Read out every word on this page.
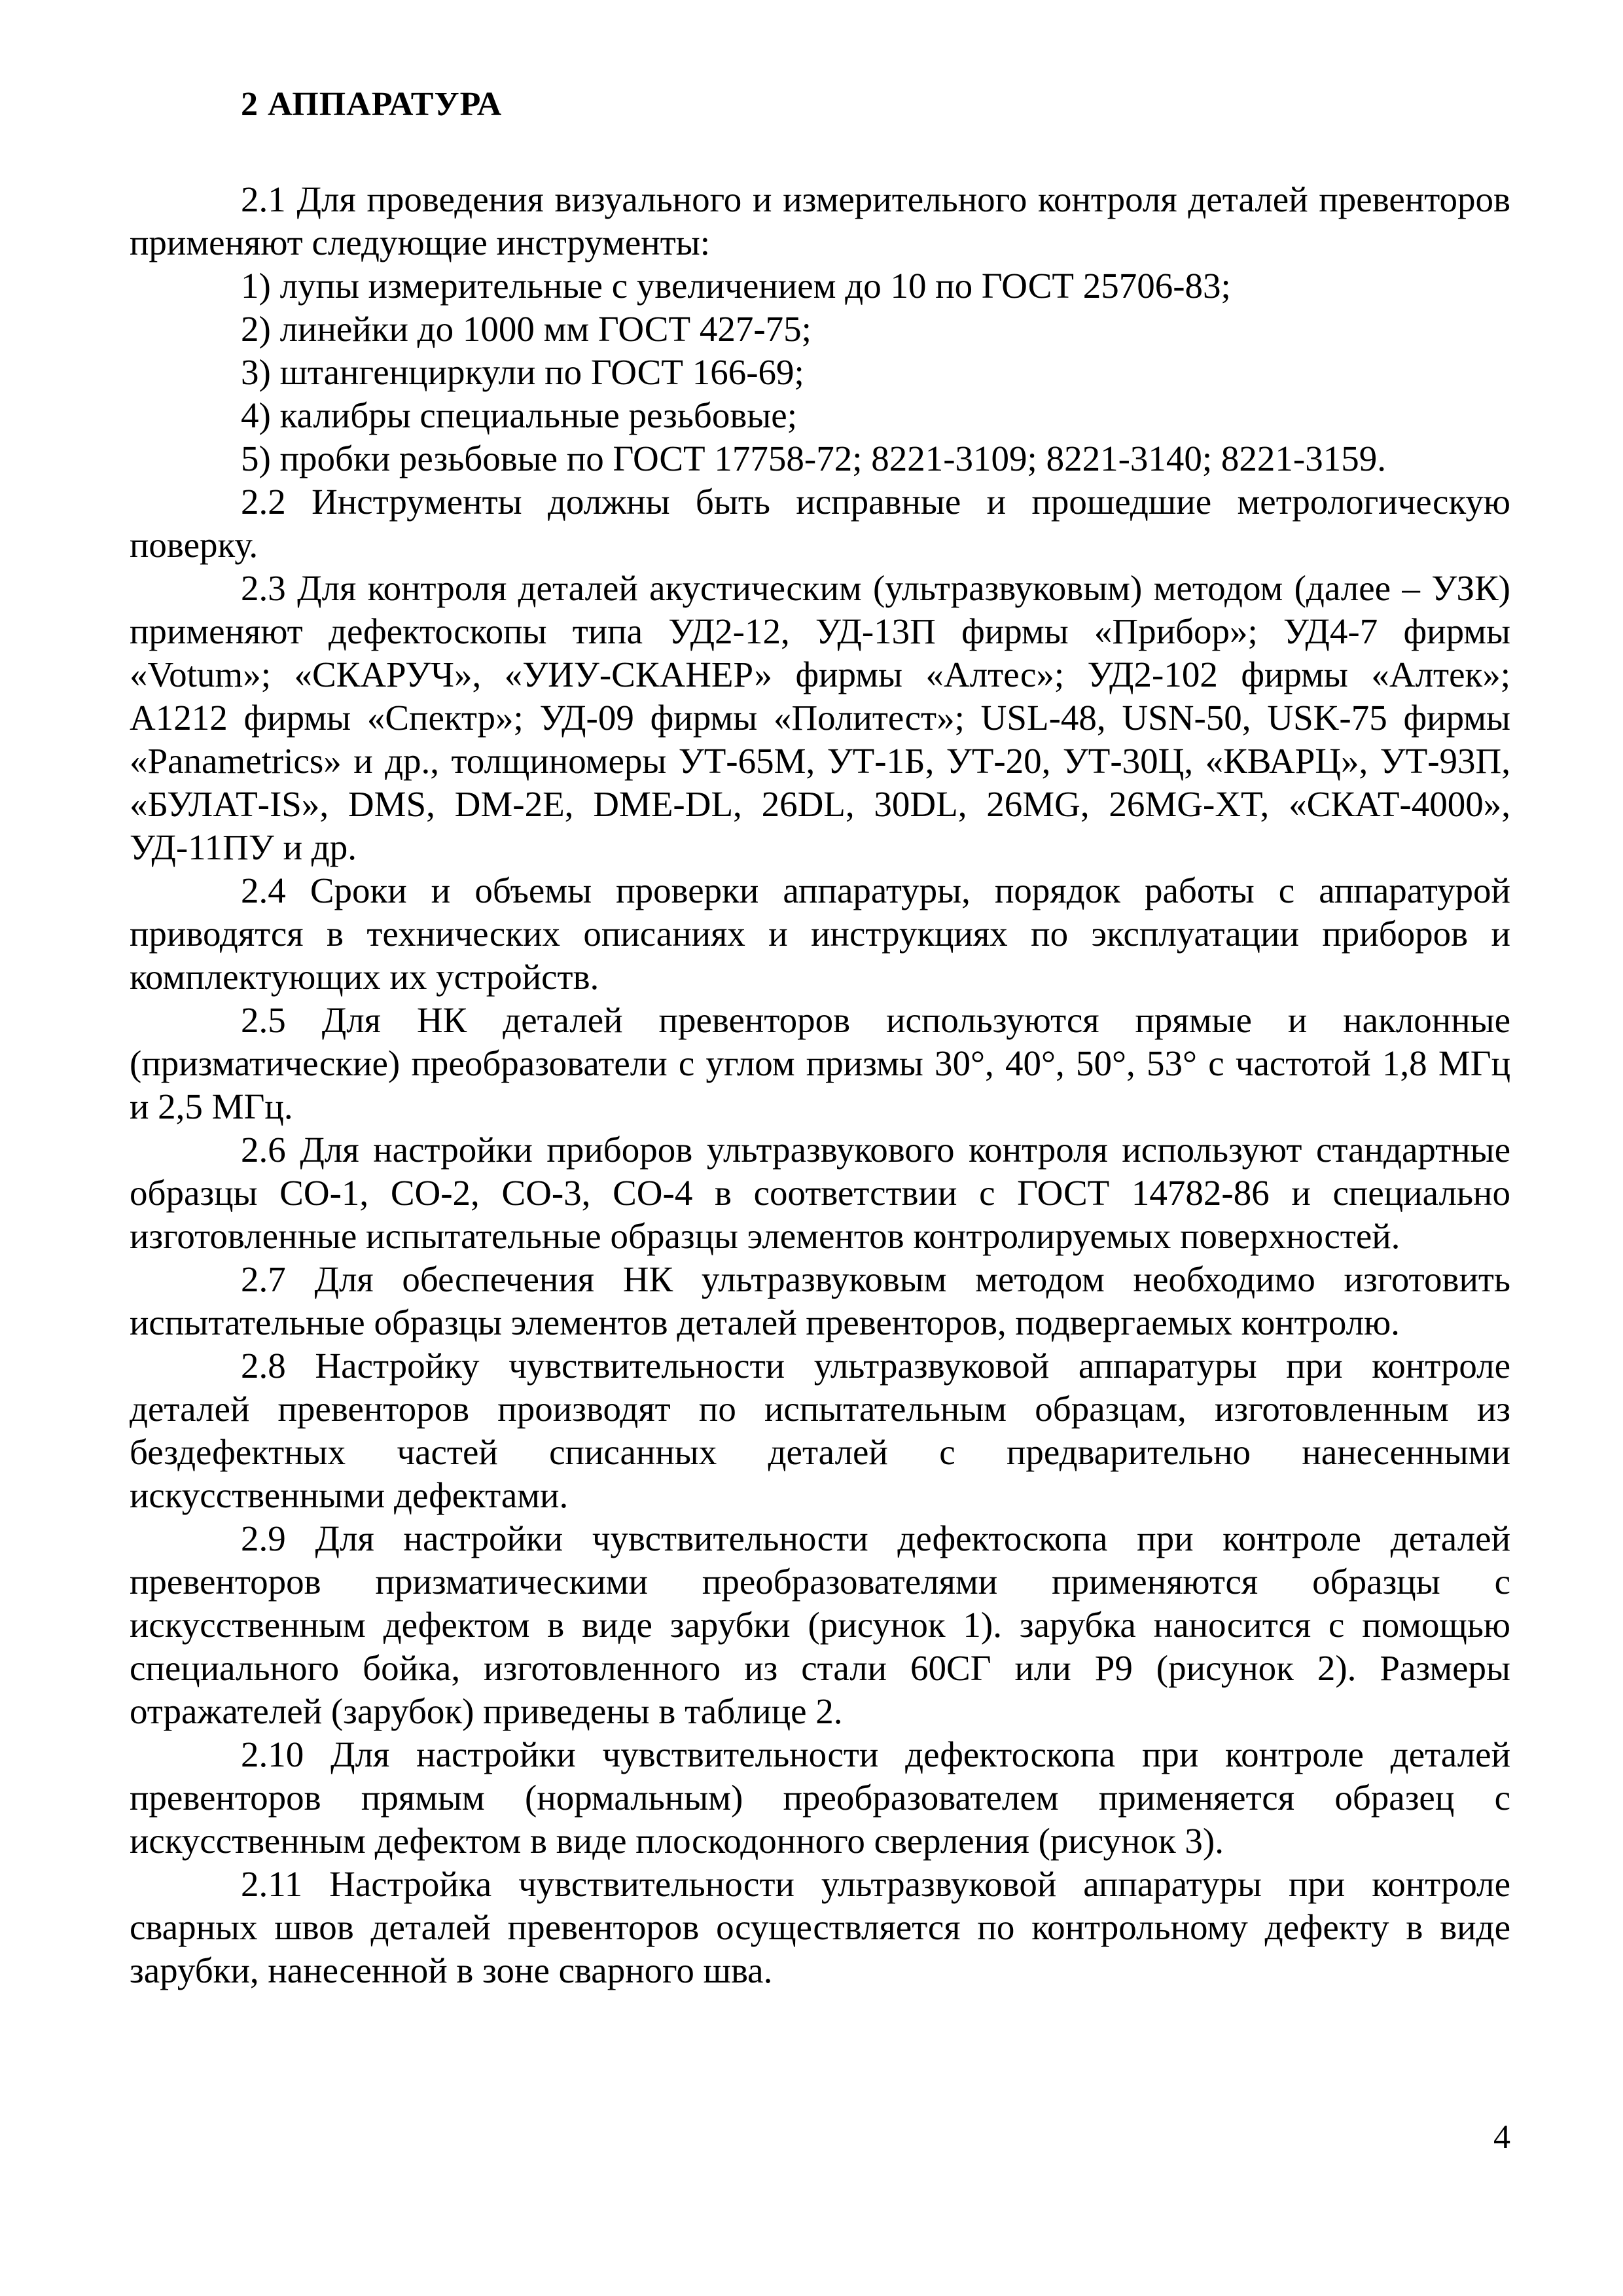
2 АППАРАТУРА

2.1 Для проведения визуального и измерительного контроля деталей превенторов применяют следующие инструменты:

1) лупы измерительные с увеличением до 10 по ГОСТ 25706-83;

2) линейки до 1000 мм ГОСТ 427-75;

3) штангенциркули по ГОСТ 166-69;

4) калибры специальные резьбовые;

5) пробки резьбовые по ГОСТ 17758-72; 8221-3109; 8221-3140; 8221-3159.

2.2 Инструменты должны быть исправные и прошедшие метрологическую поверку.

2.3 Для контроля деталей акустическим (ультразвуковым) методом (далее – УЗК) применяют дефектоскопы типа УД2-12, УД-13П фирмы «Прибор»; УД4-7 фирмы «Votum»; «СКАРУЧ», «УИУ-СКАНЕР» фирмы «Алтес»; УД2-102 фирмы «Алтек»; А1212 фирмы «Спектр»; УД-09 фирмы «Политест»; USL-48, USN-50, USK-75 фирмы «Panametrics» и др., толщиномеры УТ-65М, УТ-1Б, УТ-20, УТ-30Ц, «КВАРЦ», УТ-93П, «БУЛАТ-IS», DMS, DM-2E, DME-DL, 26DL, 30DL, 26MG, 26MG-XT, «СКАТ-4000», УД-11ПУ и др.

2.4 Сроки и объемы проверки аппаратуры, порядок работы с аппаратурой приводятся в технических описаниях и инструкциях по эксплуатации приборов и комплектующих их устройств.

2.5 Для НК деталей превенторов используются прямые и наклонные (призматические) преобразователи с углом призмы 30°, 40°, 50°, 53° с частотой 1,8 МГц и 2,5 МГц.

2.6 Для настройки приборов ультразвукового контроля используют стандартные образцы СО-1, СО-2, СО-3, СО-4 в соответствии с ГОСТ 14782-86 и специально изготовленные испытательные образцы элементов контролируемых поверхностей.

2.7 Для обеспечения НК ультразвуковым методом необходимо изготовить испытательные образцы элементов деталей превенторов, подвергаемых контролю.

2.8 Настройку чувствительности ультразвуковой аппаратуры при контроле деталей превенторов производят по испытательным образцам, изготовленным из бездефектных частей списанных деталей с предварительно нанесенными искусственными дефектами.

2.9 Для настройки чувствительности дефектоскопа при контроле деталей превенторов призматическими преобразователями применяются образцы с искусственным дефектом в виде зарубки (рисунок 1). зарубка наносится с помощью специального бойка, изготовленного из стали 60СГ или Р9 (рисунок 2). Размеры отражателей (зарубок) приведены в таблице 2.

2.10 Для настройки чувствительности дефектоскопа при контроле деталей превенторов прямым (нормальным) преобразователем применяется образец с искусственным дефектом в виде плоскодонного сверления (рисунок 3).

2.11 Настройка чувствительности ультразвуковой аппаратуры при контроле сварных швов деталей превенторов осуществляется по контрольному дефекту в виде зарубки, нанесенной в зоне сварного шва.

4
